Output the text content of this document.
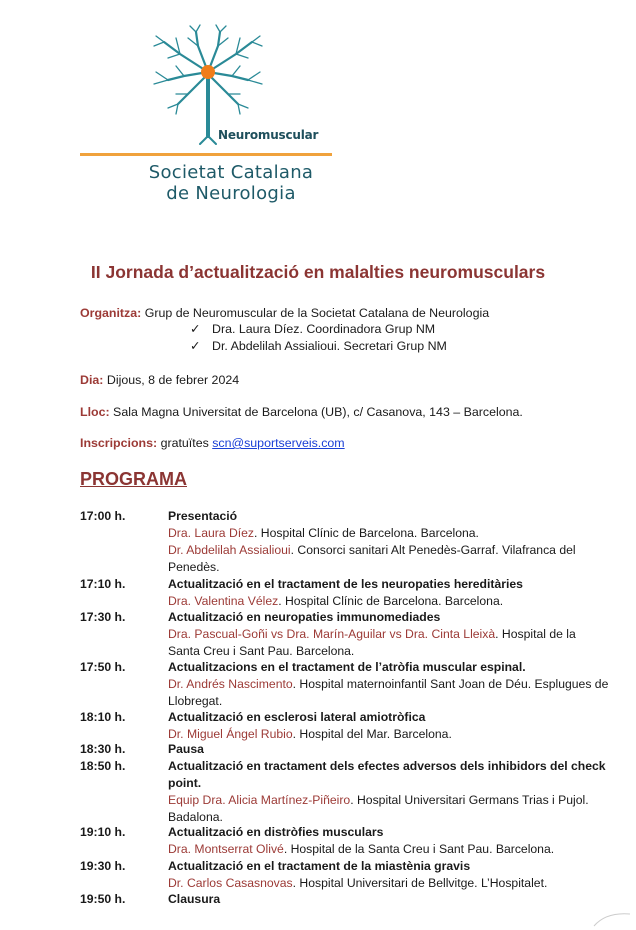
Neuromuscular
Societat Catalana
de Neurologia
II Jornada d’actualització en malalties neuromusculars
Organitza: Grup de Neuromuscular de la Societat Catalana de Neurologia
✓ Dra. Laura Díez. Coordinadora Grup NM
✓ Dr. Abdelilah Assialioui. Secretari Grup NM
Dia: Dijous, 8 de febrer 2024
Lloc: Sala Magna Universitat de Barcelona (UB), c/ Casanova, 143 – Barcelona.
Inscripcions: gratuïtes scn@suportserveis.com
PROGRAMA
17:00 h.	Presentació
Dra. Laura Díez. Hospital Clínic de Barcelona. Barcelona.
Dr. Abdelilah Assialioui. Consorci sanitari Alt Penedès-Garraf. Vilafranca del Penedès.
17:10 h.	Actualització en el tractament de les neuropaties hereditàries
Dra. Valentina Vélez. Hospital Clínic de Barcelona. Barcelona.
17:30 h.	Actualització en neuropaties immunomediades
Dra. Pascual-Goñi vs Dra. Marín-Aguilar vs Dra. Cinta Lleixà. Hospital de la Santa Creu i Sant Pau. Barcelona.
17:50 h.	Actualitzacions en el tractament de l’atròfia muscular espinal.
Dr. Andrés Nascimento. Hospital maternoinfantil Sant Joan de Déu. Esplugues de Llobregat.
18:10 h.	Actualització en esclerosi lateral amiotròfica
Dr. Miguel Ángel Rubio. Hospital del Mar. Barcelona.
18:30 h.	Pausa
18:50 h.	Actualització en tractament dels efectes adversos dels inhibidors del check point.
Equip Dra. Alicia Martínez-Piñeiro. Hospital Universitari Germans Trias i Pujol. Badalona.
19:10 h.	Actualització en distròfies musculars
Dra. Montserrat Olivé. Hospital de la Santa Creu i Sant Pau. Barcelona.
19:30 h.	Actualització en el tractament de la miastènia gravis
Dr. Carlos Casasnovas. Hospital Universitari de Bellvitge. L’Hospitalet.
19:50 h.	Clausura
